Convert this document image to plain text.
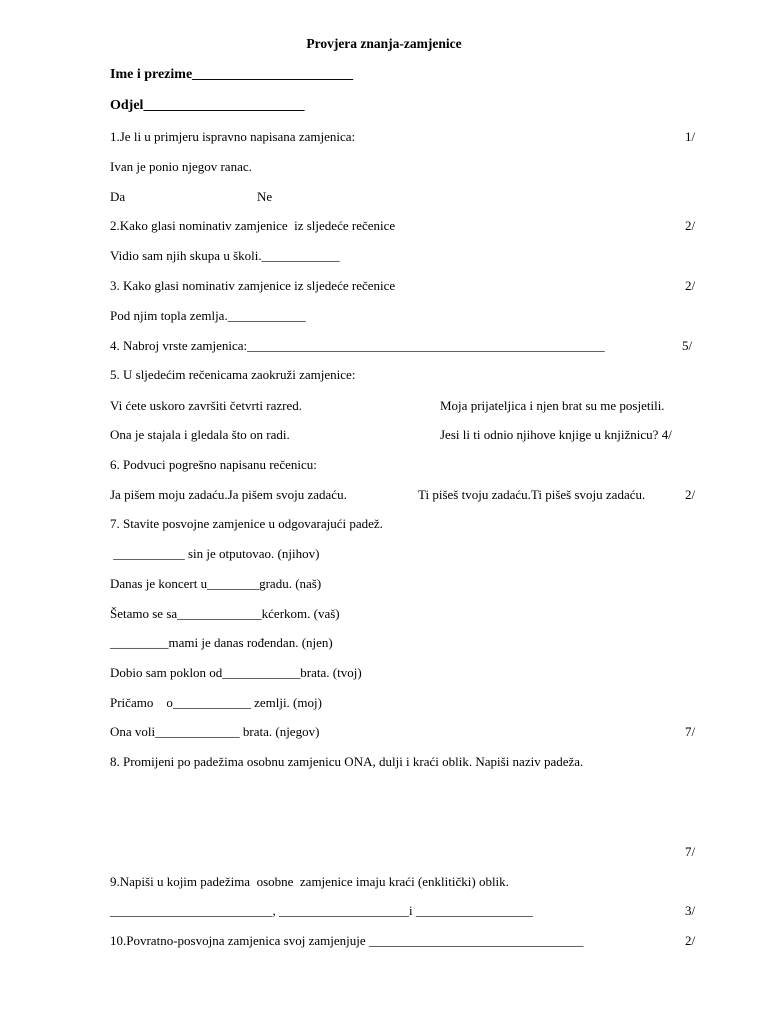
Provjera znanja-zamjenice
Ime i prezime_______________________
Odjel_______________________
1.Je li u primjeru ispravno napisana zamjenica:	1/
Ivan je ponio njegov ranac.
Da	Ne
2.Kako glasi nominativ zamjenice  iz sljedeće rečenice	2/
Vidio sam njih skupa u školi.____________
3. Kako glasi nominativ zamjenice iz sljedeće rečenice	2/
Pod njim topla zemlja.____________
4. Nabroj vrste zamjenica:_______________________________________________________	5/
5. U sljedećim rečenicama zaokruži zamjenice:
Vi ćete uskoro završiti četvrti razred.	Moja prijateljica i njen brat su me posjetili.
Ona je stajala i gledala što on radi.	Jesi li ti odnio njihove knjige u knjižnicu? 4/
6. Podvuci pogrešno napisanu rečenicu:
Ja pišem moju zadaću.Ja pišem svoju zadaću.	Ti pišeš tvoju zadaću.Ti pišeš svoju zadaću.	2/
7. Stavite posvojne zamjenice u odgovarajući padež.
___________ sin je otputovao. (njihov)
Danas je koncert u________gradu. (naš)
Šetamo se sa_____________kćerkom. (vaš)
_________mami je danas rođendan. (njen)
Dobio sam poklon od____________brata. (tvoj)
Pričamo    o____________ zemlji. (moj)
Ona voli_____________ brata. (njegov)	7/
8. Promijeni po padežima osobnu zamjenicu ONA, dulji i kraći oblik. Napiši naziv padeža.
7/
9.Napiši u kojim padežima  osobne  zamjenice imaju kraći (enklitički) oblik.
_________________________, ____________________i __________________	3/
10.Povratno-posvojna zamjenica svoj zamjenjuje _________________________________	2/
